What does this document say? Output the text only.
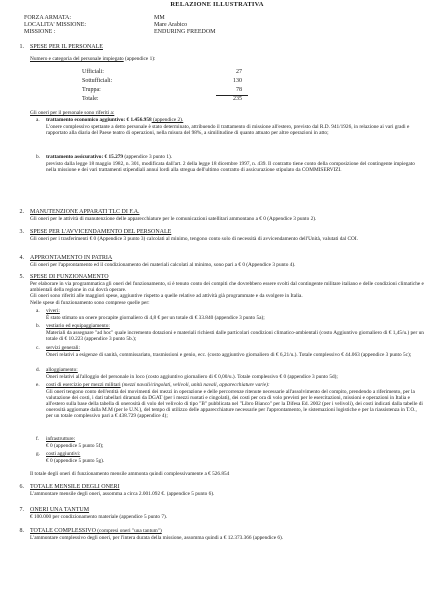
RELAZIONE ILLUSTRATIVA
FORZA ARMATA:	MM
LOCALITA' MISSIONE:	Mare Arabico
MISSIONE :	ENDURING FREEDOM
1. SPESE PER IL PERSONALE
Numero e categoria del personale impiegato (appendice 1):
Ufficiali:	27
Sottufficiali:	130
Truppa:	78
Totale:	235
Gli oneri per il personale sono riferiti a:
a. trattamento economico aggiuntivo: € 1.456.958 (appendice 2).
L'onere complessivo spettante a detto personale è stato determinato, attribuendo il trattamento di missione all'estero, previsto dal R.D. 941/1926, in relazione ai vari gradi e rapportato alla diaria del Paese teatro di operazioni, nella misura del 98%, a similitudine di quanto attuato per altre operazioni in atto;
b. trattamento assicurativo: € 15.279 (appendice 3 punto 1).
previsto dalla legge 18 maggio 1982, n. 301, modificata dall'art. 2 della legge 18 dicembre 1997, n. 439. Il contratto tiene conto della composizione del contingente impiegato nella missione e dei vari trattamenti stipendiali annui lordi alla stregua dell'ultimo contratto di assicurazione stipulato da COMMISERVIZI.
2. MANUTENZIONE APPARATI TLC DI F.A.
Gli oneri per le attività di manutenzione delle apparecchiature per le comunicazioni satellitari ammontano a € 0 (Appendice 3 punto 2).
3. SPESE PER L'AVVICENDAMENTO DEL PERSONALE
Gli oneri per i trasferimenti € 0 (Appendice 3 punto 3) calcolati al minimo, tengono conto solo di necessità di avvicendamento dell'Unità, valutati dal COI.
4. APPRONTAMENTO IN PATRIA
Gli oneri per l'approntamento ed il condizionamento dei materiali calcolati al minimo, sono pari a € 0 (Appendice 3 punto 4).
5. SPESE DI FUNZIONAMENTO
Per elaborare in via programmatica gli oneri del funzionamento, si è tenuto conto dei compiti che dovrebbero essere svolti dal contingente militare italiano e delle condizioni climatiche e ambientali della regione in cui dovrà operare.
Gli oneri sono riferiti alle maggiori spese, aggiuntive rispetto a quelle relative ad attività già programmate e da svolgere in Italia.
Nelle spese di funzionamento sono comprese quelle per:
a. viveri:
È stato stimato un onere procapite giornaliero di 4,8 € per un totale di € 33.840 (appendice 3 punto 5a);
b. vestiario ed equipaggiamento:
Materiali da assegnare "ad hoc" quale incremento dotazioni e materiali richiesti dalle particolari condizioni climatico-ambientali (costo Aggiuntivo giornaliero di € 1,45/u.) per un totale di € 10.223 (appendice 3 punto 5b.);
c. servizi generali:
Oneri relativi a esigenze di sanità, commissariato, trasmissioni e genio, ecc. (costo aggiuntivo giornaliero di € 6,21/u.). Totale complessivo € 44.063 (appendice 3 punto 5c);
d. alloggiamento:
Oneri relativi all'alloggio del personale in loco (costo aggiuntivo giornaliero di € 0,00/u.). Totale complessivo € 0 (appendice 3 punto 5d);
e. costi di esercizio per mezzi militari (mezzi navali/cingolati, velivoli, unità navali, apparecchiature varie):
Gli oneri tengono conto dell'entità dei movimenti dei mezzi in operazione e delle percorrenze ritenute necessarie all'assolvimento del compito, prendendo a riferimento, per la valutazione dei costi, i dati tabellari diramati da DGAT (per i mezzi ruotati e cingolati), dei costi per ora di volo previsti per le esercitazioni, missioni e operazioni in Italia e all'estero sulla base della tabella di onerosità di volo del velivolo di tipo "B" pubblicata nel "Libro Bianco" per la Difesa Ed. 2002 (per i velivoli), dei costi indicati dalla tabelle di onerosità aggiornate dalla M.M (per le U.N.), del tempo di utilizzo delle apparecchiature necessarie per l'approntamento, le sistemazioni logistiche e per la riassistenza in T.O., per un totale complessivo pari a € 438.729 (appendice 4);
f. infrastrutture:
€ 0 (appendice 5 punto 5f);
g. costi aggiuntivi:
€ 0 (appendice 5 punto 5g).
Il totale degli oneri di funzionamento mensile ammonta quindi complessivamente a € 526.854
6. TOTALE MENSILE DEGLI ONERI
L'ammontare mensile degli oneri, assomma a circa 2.001.092 €. (appendice 5 punto 6).
7. ONERI UNA TANTUM
€ 100.000 per condizionamento materiale (appendice 5 punto 7).
8. TOTALE COMPLESSIVO (compresi oneri "una tantum")
L'ammontare complessivo degli oneri, per l'intera durata della missione, assomma quindi a € 12.373.366 (appendice 6).
